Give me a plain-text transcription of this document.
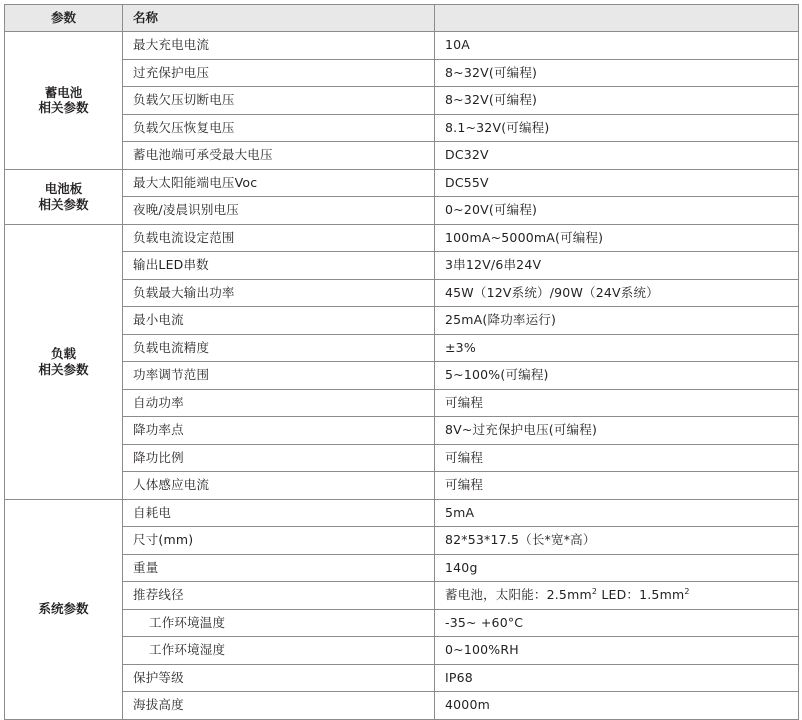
参数	名称	
蓄电池
相关参数	最大充电电流	10A
	过充保护电压	8~32V(可编程)
	负载欠压切断电压	8~32V(可编程)
	负载欠压恢复电压	8.1~32V(可编程)
	蓄电池端可承受最大电压	DC32V
电池板
相关参数	最大太阳能端电压Voc	DC55V
	夜晚/凌晨识别电压	0~20V(可编程)
负载
相关参数	负载电流设定范围	100mA~5000mA(可编程)
	输出LED串数	3串12V/6串24V
	负载最大输出功率	45W（12V系统）/90W（24V系统）
	最小电流	25mA(降功率运行)
	负载电流精度	±3%
	功率调节范围	5~100%(可编程)
	自动功率	可编程
	降功率点	8V~过充保护电压(可编程)
	降功比例	可编程
	人体感应电流	可编程
系统参数	自耗电	5mA
	尺寸(mm)	82*53*17.5（长*宽*高）
	重量	140g
	推荐线径	蓄电池，太阳能：$2.5mm^2$ LED：$1.5mm^2$
	工作环境温度	-35~ +60°C
	工作环境湿度	0~100%RH
	保护等级	IP68
	海拔高度	4000m
